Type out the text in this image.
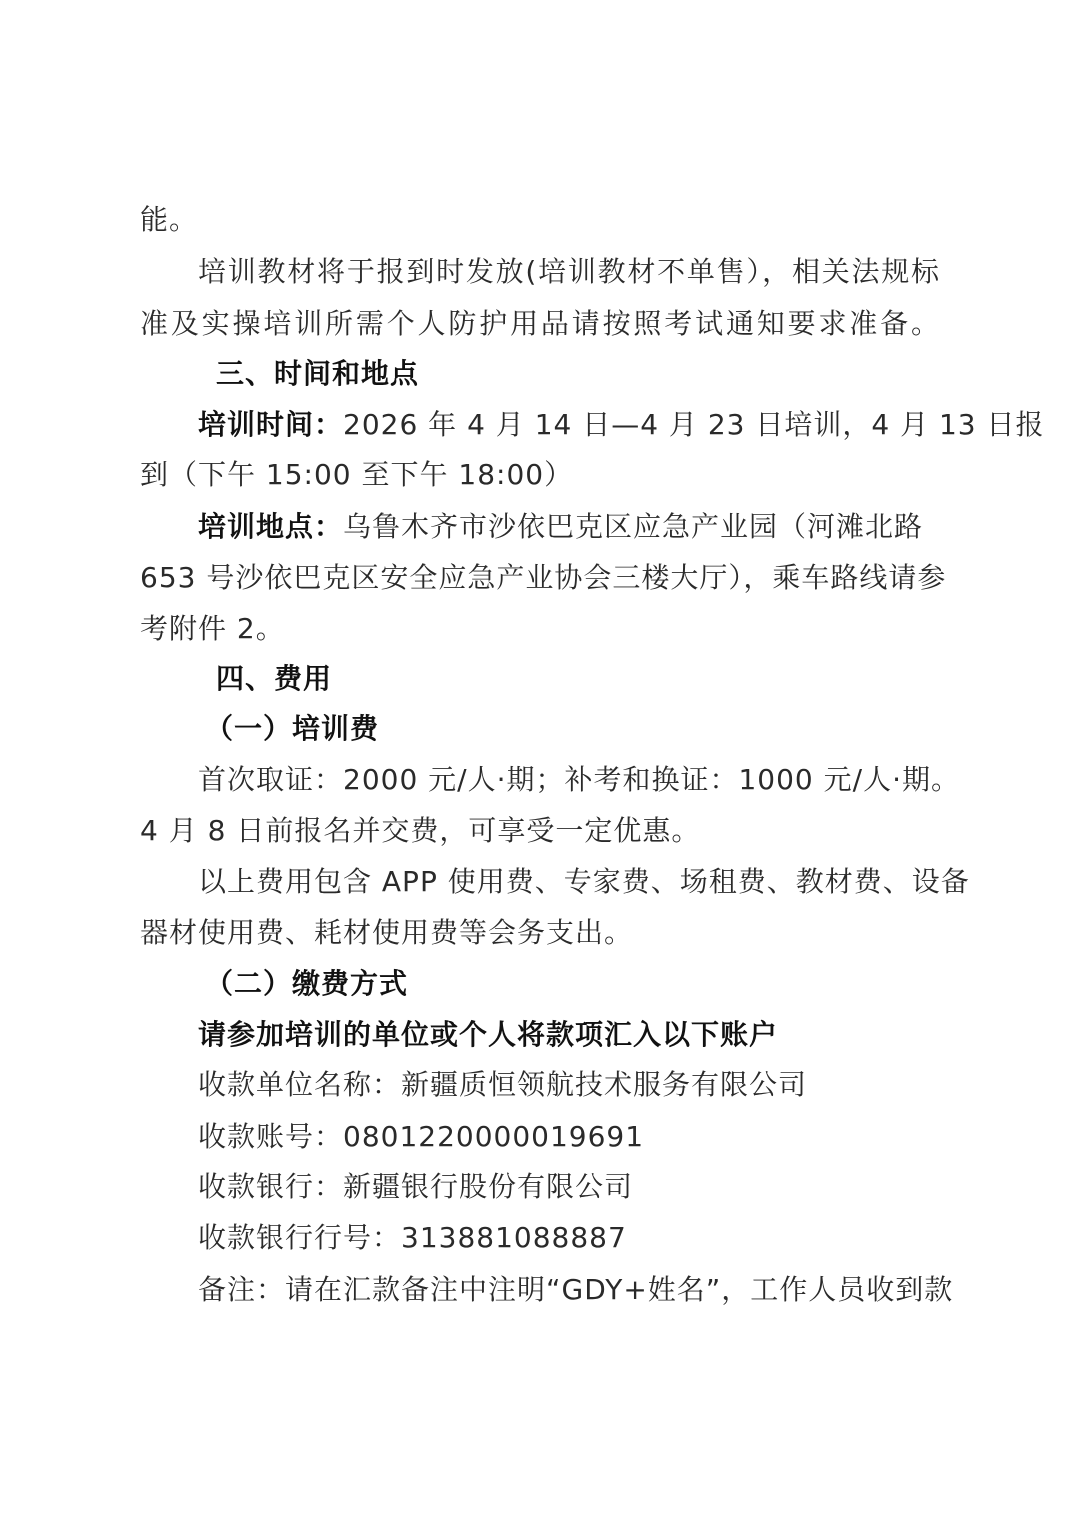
能。
培训教材将于报到时发放(培训教材不单售），相关法规标
准及实操培训所需个人防护用品请按照考试通知要求准备。
三、时间和地点
培训时间：2026 年 4 月 14 日—4 月 23 日培训，4 月 13 日报
到（下午 15:00 至下午 18:00）
培训地点：乌鲁木齐市沙依巴克区应急产业园（河滩北路
653 号沙依巴克区安全应急产业协会三楼大厅），乘车路线请参
考附件 2。
四、费用
（一）培训费
首次取证：2000 元/人·期；补考和换证：1000 元/人·期。
4 月 8 日前报名并交费，可享受一定优惠。
以上费用包含 APP 使用费、专家费、场租费、教材费、设备
器材使用费、耗材使用费等会务支出。
（二）缴费方式
请参加培训的单位或个人将款项汇入以下账户
收款单位名称：新疆质恒领航技术服务有限公司
收款账号：0801220000019691
收款银行：新疆银行股份有限公司
收款银行行号：313881088887
备注：请在汇款备注中注明“GDY+姓名”，工作人员收到款
